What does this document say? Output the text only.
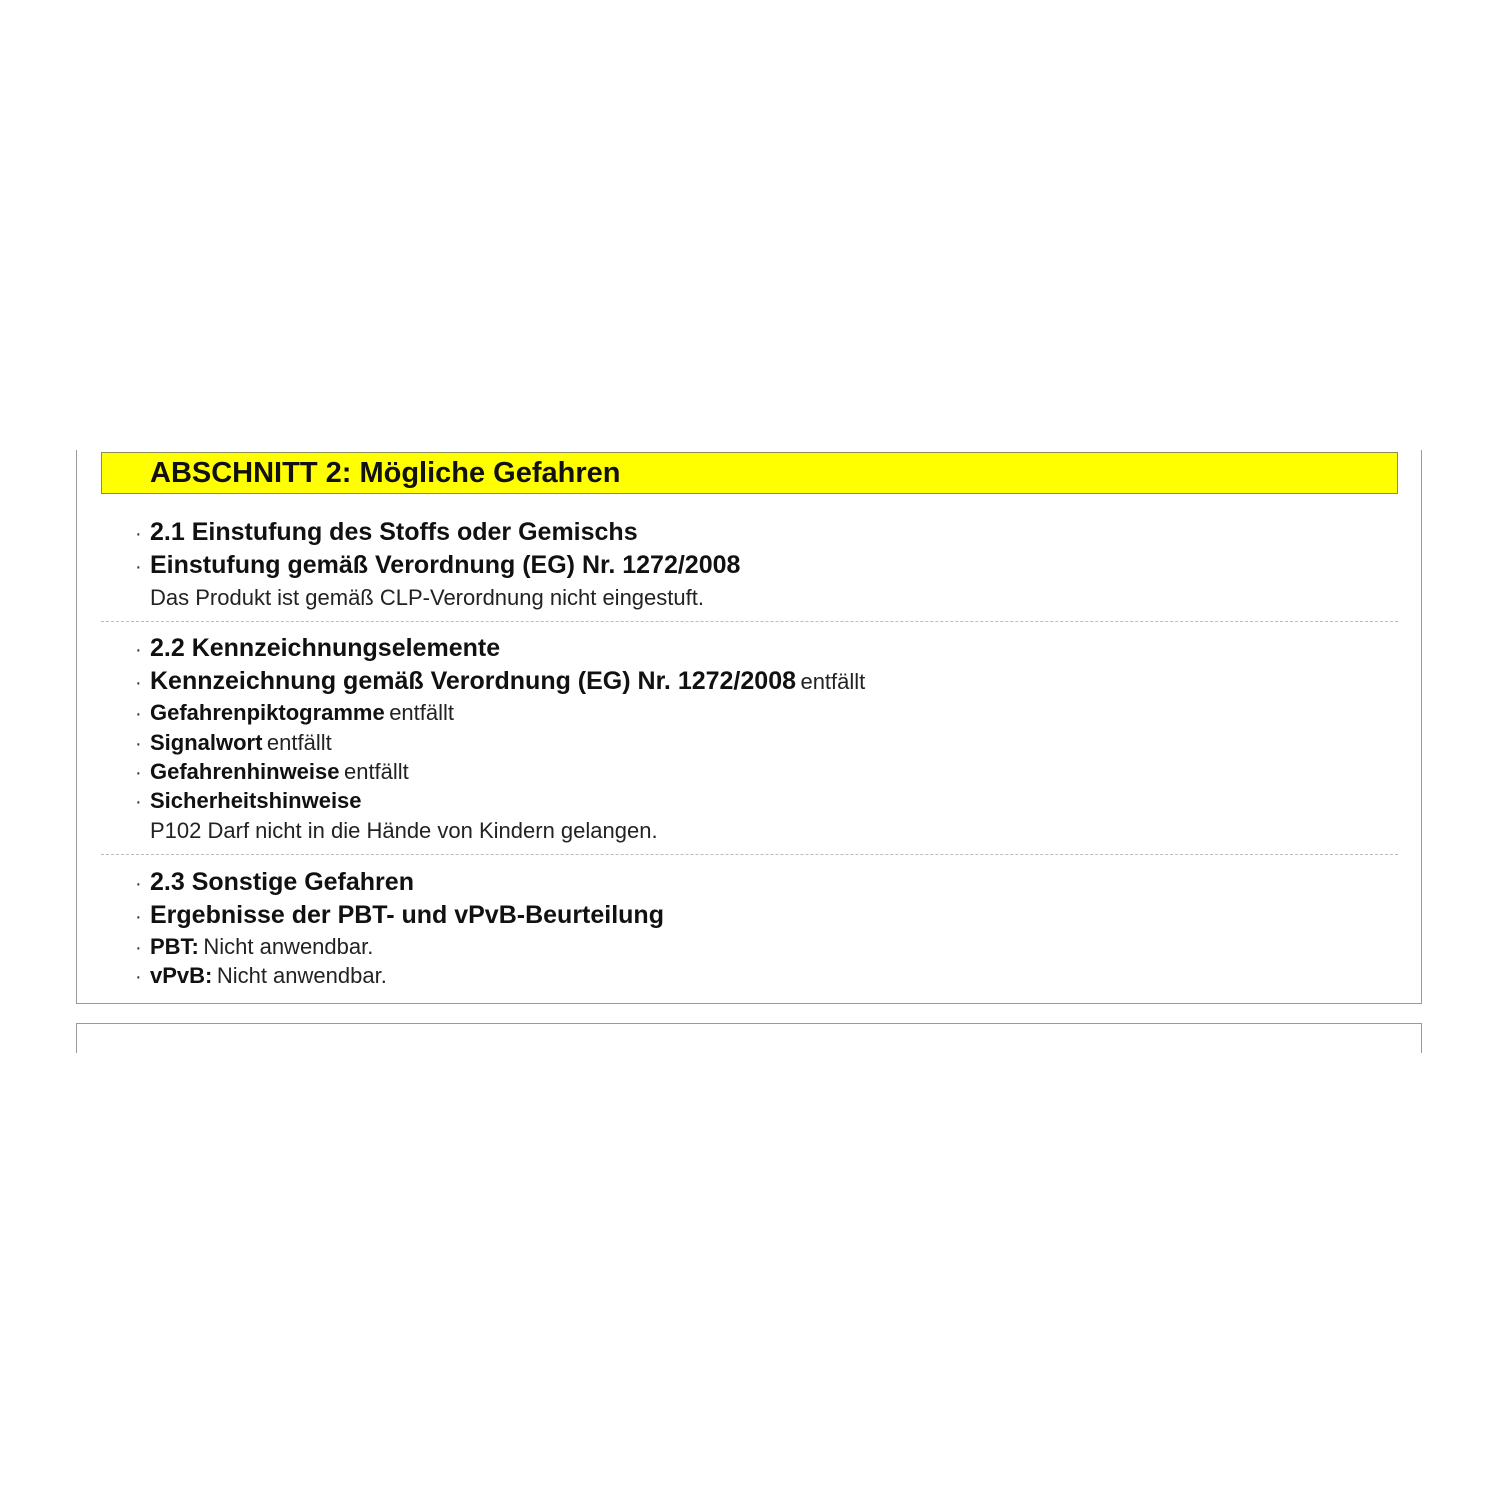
ABSCHNITT 2: Mögliche Gefahren
· 2.1 Einstufung des Stoffs oder Gemischs
· Einstufung gemäß Verordnung (EG) Nr. 1272/2008
Das Produkt ist gemäß CLP-Verordnung nicht eingestuft.
· 2.2 Kennzeichnungselemente
· Kennzeichnung gemäß Verordnung (EG) Nr. 1272/2008 entfällt
· Gefahrenpiktogramme entfällt
· Signalwort entfällt
· Gefahrenhinweise entfällt
· Sicherheitshinweise
P102 Darf nicht in die Hände von Kindern gelangen.
· 2.3 Sonstige Gefahren
· Ergebnisse der PBT- und vPvB-Beurteilung
· PBT: Nicht anwendbar.
· vPvB: Nicht anwendbar.
